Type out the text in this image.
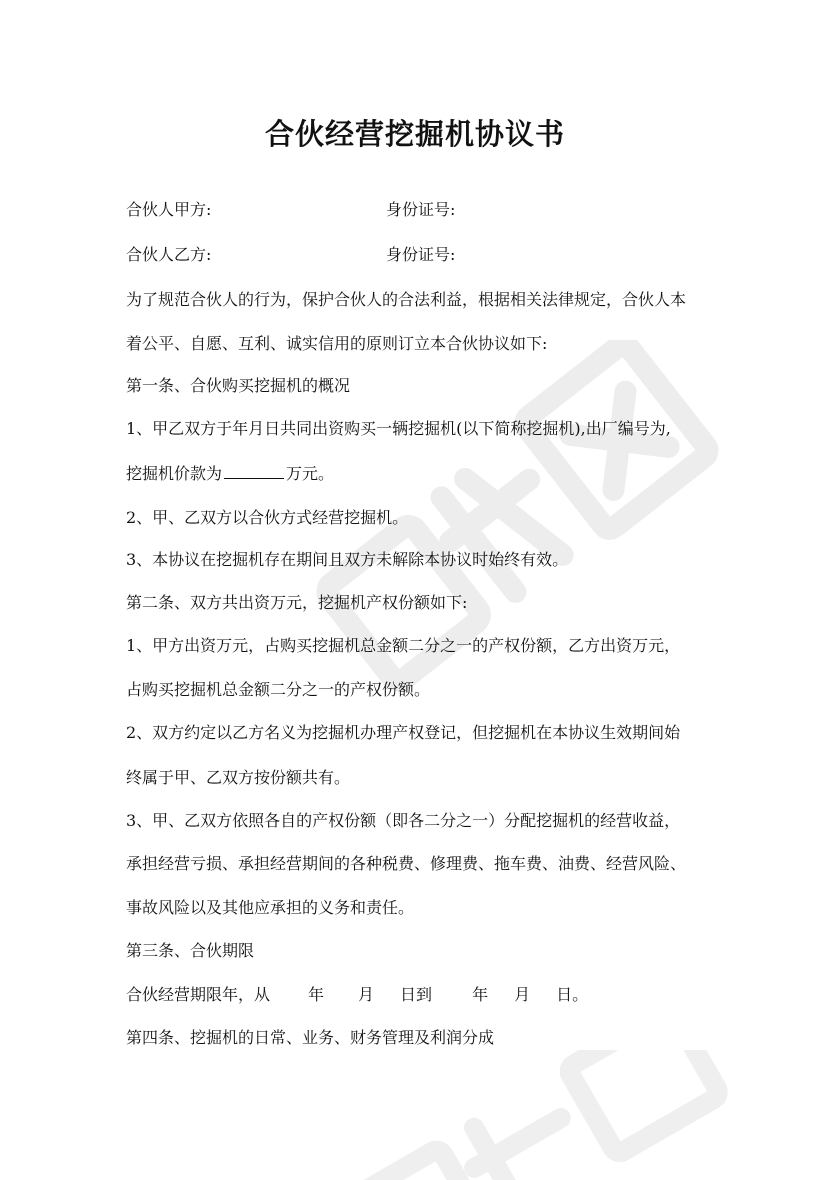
合伙经营挖掘机协议书
合伙人甲方:	身份证号:
合伙人乙方:	身份证号:
为了规范合伙人的行为，保护合伙人的合法利益，根据相关法律规定，合伙人本
着公平、自愿、互利、诚实信用的原则订立本合伙协议如下:
第一条、合伙购买挖掘机的概况
1、甲乙双方于年月日共同出资购买一辆挖掘机(以下简称挖掘机),出厂编号为,
挖掘机价款为	万元。
2、甲、乙双方以合伙方式经营挖掘机。
3、本协议在挖掘机存在期间且双方未解除本协议时始终有效。
第二条、双方共出资万元，挖掘机产权份额如下:
1、甲方出资万元，占购买挖掘机总金额二分之一的产权份额，乙方出资万元，
占购买挖掘机总金额二分之一的产权份额。
2、双方约定以乙方名义为挖掘机办理产权登记，但挖掘机在本协议生效期间始
终属于甲、乙双方按份额共有。
3、甲、乙双方依照各自的产权份额（即各二分之一）分配挖掘机的经营收益，
承担经营亏损、承担经营期间的各种税费、修理费、拖车费、油费、经营风险、
事故风险以及其他应承担的义务和责任。
第三条、合伙期限
合伙经营期限年，从 年 月 日到	年 月 日。
第四条、挖掘机的日常、业务、财务管理及利润分成
